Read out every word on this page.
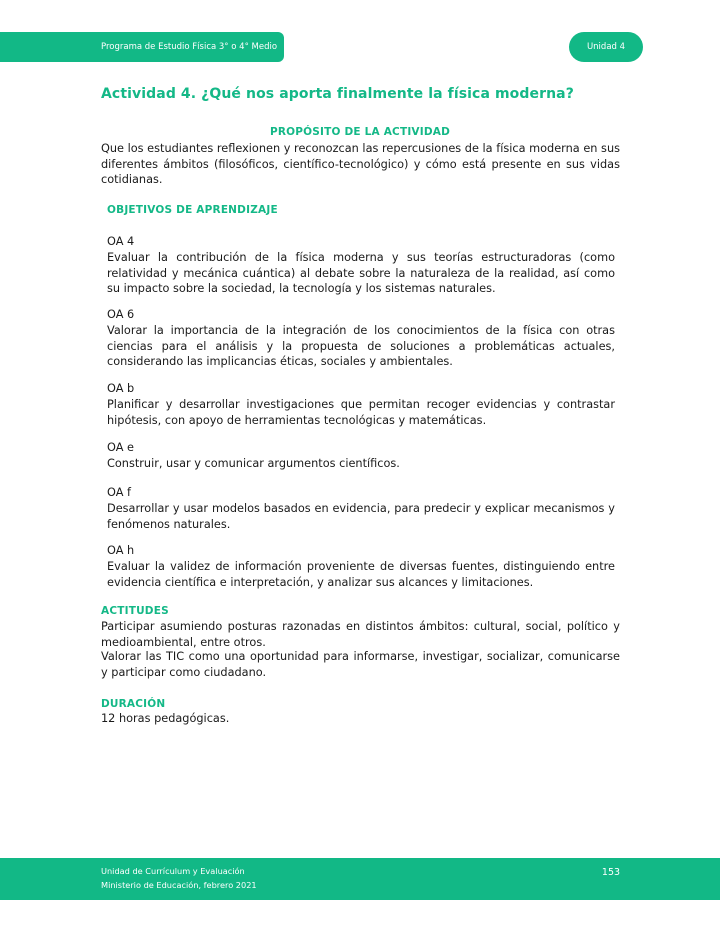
Programa de Estudio Física 3° o 4° Medio	Unidad 4
Actividad 4. ¿Qué nos aporta finalmente la física moderna?
PROPÓSITO DE LA ACTIVIDAD
Que los estudiantes reflexionen y reconozcan las repercusiones de la física moderna en sus diferentes ámbitos (filosóficos, científico-tecnológico) y cómo está presente en sus vidas cotidianas.
OBJETIVOS DE APRENDIZAJE
OA 4
Evaluar la contribución de la física moderna y sus teorías estructuradoras (como relatividad y mecánica cuántica) al debate sobre la naturaleza de la realidad, así como su impacto sobre la sociedad, la tecnología y los sistemas naturales.
OA 6
Valorar la importancia de la integración de los conocimientos de la física con otras ciencias para el análisis y la propuesta de soluciones a problemáticas actuales, considerando las implicancias éticas, sociales y ambientales.
OA b
Planificar y desarrollar investigaciones que permitan recoger evidencias y contrastar hipótesis, con apoyo de herramientas tecnológicas y matemáticas.
OA e
Construir, usar y comunicar argumentos científicos.
OA f
Desarrollar y usar modelos basados en evidencia, para predecir y explicar mecanismos y fenómenos naturales.
OA h
Evaluar la validez de información proveniente de diversas fuentes, distinguiendo entre evidencia científica e interpretación, y analizar sus alcances y limitaciones.
ACTITUDES
Participar asumiendo posturas razonadas en distintos ámbitos: cultural, social, político y medioambiental, entre otros.
Valorar las TIC como una oportunidad para informarse, investigar, socializar, comunicarse y participar como ciudadano.
DURACIÓN
12 horas pedagógicas.
Unidad de Currículum y Evaluación
Ministerio de Educación, febrero 2021
153
